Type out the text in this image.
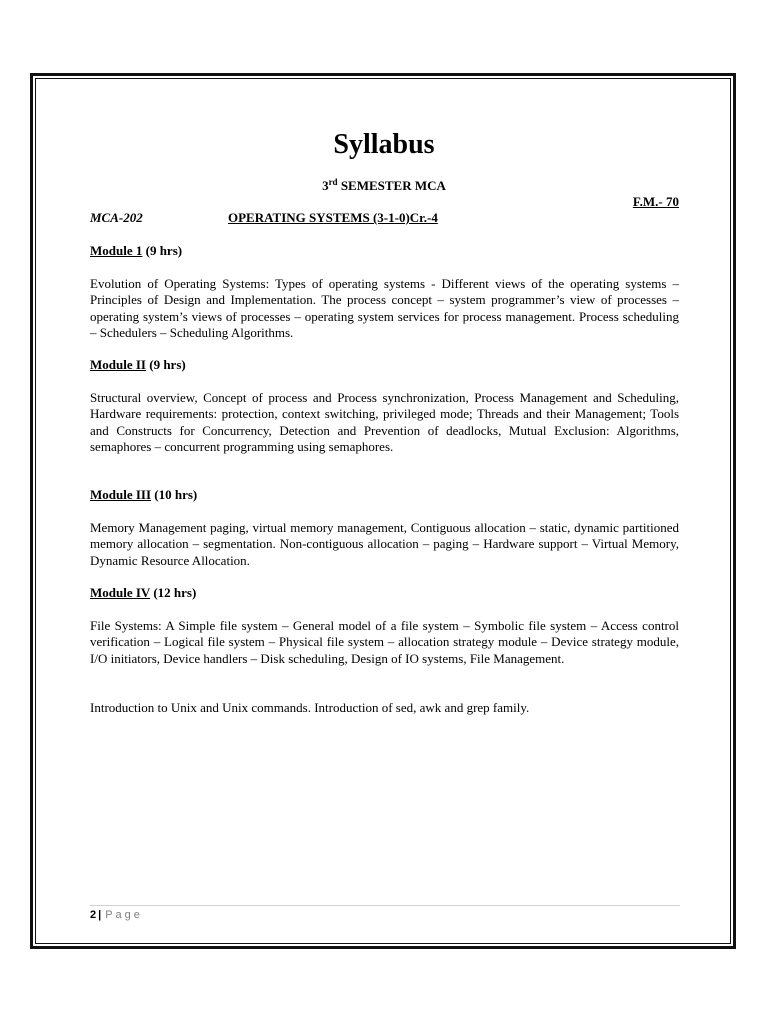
Syllabus
3rd SEMESTER MCA
F.M.- 70
MCA-202	OPERATING SYSTEMS (3-1-0)Cr.-4
Module 1 (9 hrs)
Evolution of Operating Systems: Types of operating systems - Different views of the operating systems – Principles of Design and Implementation. The process concept – system programmer’s view of processes – operating system’s views of processes – operating system services for process management. Process scheduling – Schedulers – Scheduling Algorithms.
Module II (9 hrs)
Structural overview, Concept of process and Process synchronization, Process Management and Scheduling, Hardware requirements: protection, context switching, privileged mode; Threads and their Management; Tools and Constructs for Concurrency, Detection and Prevention of deadlocks, Mutual Exclusion: Algorithms, semaphores – concurrent programming using semaphores.
Module III (10 hrs)
Memory Management paging, virtual memory management, Contiguous allocation – static, dynamic partitioned memory allocation – segmentation. Non-contiguous allocation – paging – Hardware support – Virtual Memory, Dynamic Resource Allocation.
Module IV (12 hrs)
File Systems: A Simple file system – General model of a file system – Symbolic file system – Access control verification – Logical file system – Physical file system – allocation strategy module – Device strategy module, I/O initiators, Device handlers – Disk scheduling, Design of IO systems, File Management.
Introduction to Unix and Unix commands. Introduction of sed, awk and grep family.
2 | Page
